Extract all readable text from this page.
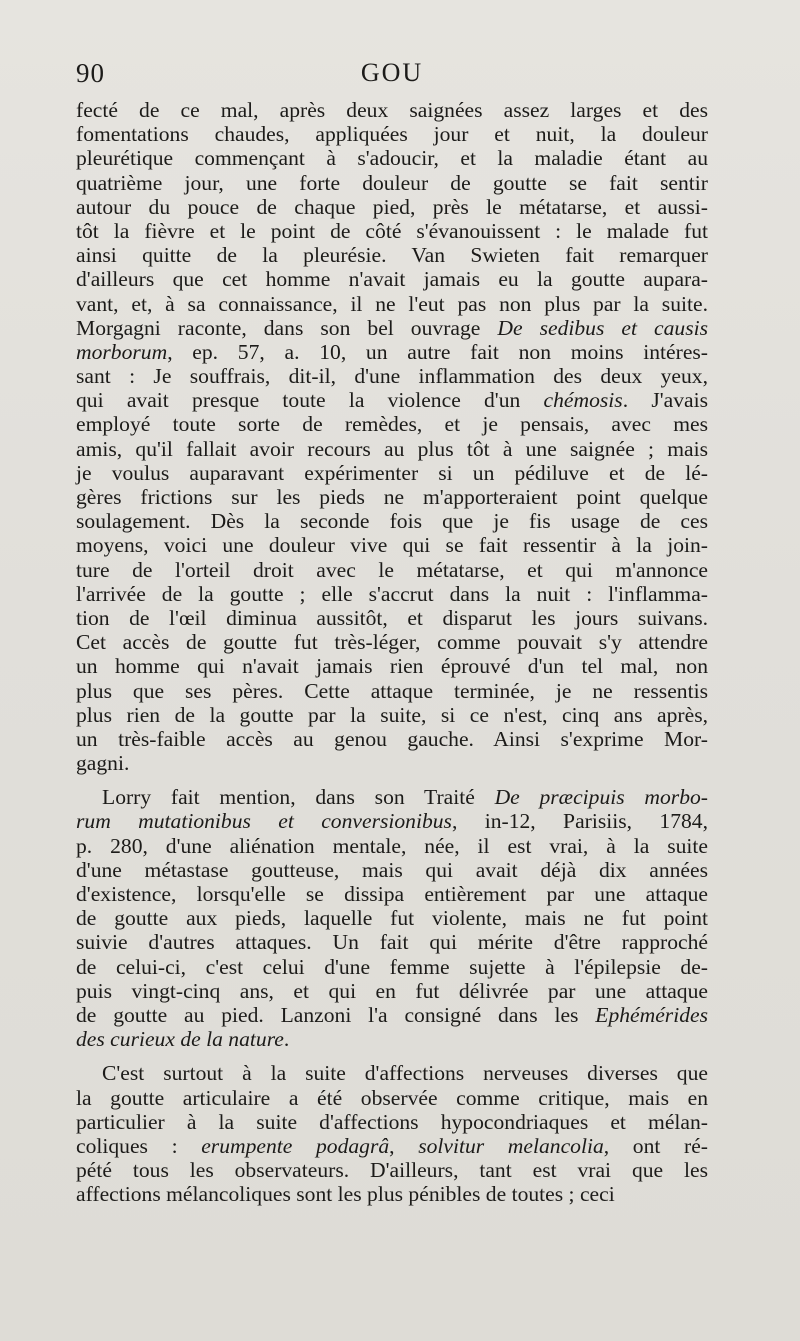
90	GOU
fecté de ce mal, après deux saignées assez larges et des
fomentations chaudes, appliquées jour et nuit, la douleur
pleurétique commençant à s'adoucir, et la maladie étant au
quatrième jour, une forte douleur de goutte se fait sentir
autour du pouce de chaque pied, près le métatarse, et aussi-
tôt la fièvre et le point de côté s'évanouissent : le malade fut
ainsi quitte de la pleurésie. Van Swieten fait remarquer
d'ailleurs que cet homme n'avait jamais eu la goutte aupara-
vant, et, à sa connaissance, il ne l'eut pas non plus par la suite.
Morgagni raconte, dans son bel ouvrage De sedibus et causis
morborum, ep. 57, a. 10, un autre fait non moins intéres-
sant : Je souffrais, dit-il, d'une inflammation des deux yeux,
qui avait presque toute la violence d'un chémosis. J'avais
employé toute sorte de remèdes, et je pensais, avec mes
amis, qu'il fallait avoir recours au plus tôt à une saignée ; mais
je voulus auparavant expérimenter si un pédiluve et de lé-
gères frictions sur les pieds ne m'apporteraient point quelque
soulagement. Dès la seconde fois que je fis usage de ces
moyens, voici une douleur vive qui se fait ressentir à la join-
ture de l'orteil droit avec le métatarse, et qui m'annonce
l'arrivée de la goutte ; elle s'accrut dans la nuit : l'inflamma-
tion de l'œil diminua aussitôt, et disparut les jours suivans.
Cet accès de goutte fut très-léger, comme pouvait s'y attendre
un homme qui n'avait jamais rien éprouvé d'un tel mal, non
plus que ses pères. Cette attaque terminée, je ne ressentis
plus rien de la goutte par la suite, si ce n'est, cinq ans après,
un très-faible accès au genou gauche. Ainsi s'exprime Mor-
gagni.
Lorry fait mention, dans son Traité De præcipuis morbo-
rum mutationibus et conversionibus, in-12, Parisiis, 1784,
p. 280, d'une aliénation mentale, née, il est vrai, à la suite
d'une métastase goutteuse, mais qui avait déjà dix années
d'existence, lorsqu'elle se dissipa entièrement par une attaque
de goutte aux pieds, laquelle fut violente, mais ne fut point
suivie d'autres attaques. Un fait qui mérite d'être rapproché
de celui-ci, c'est celui d'une femme sujette à l'épilepsie de-
puis vingt-cinq ans, et qui en fut délivrée par une attaque
de goutte au pied. Lanzoni l'a consigné dans les Ephémérides
des curieux de la nature.
C'est surtout à la suite d'affections nerveuses diverses que
la goutte articulaire a été observée comme critique, mais en
particulier à la suite d'affections hypocondriaques et mélan-
coliques : erumpente podagrâ, solvitur melancolia, ont ré-
pété tous les observateurs. D'ailleurs, tant est vrai que les
affections mélancoliques sont les plus pénibles de toutes ; ceci
